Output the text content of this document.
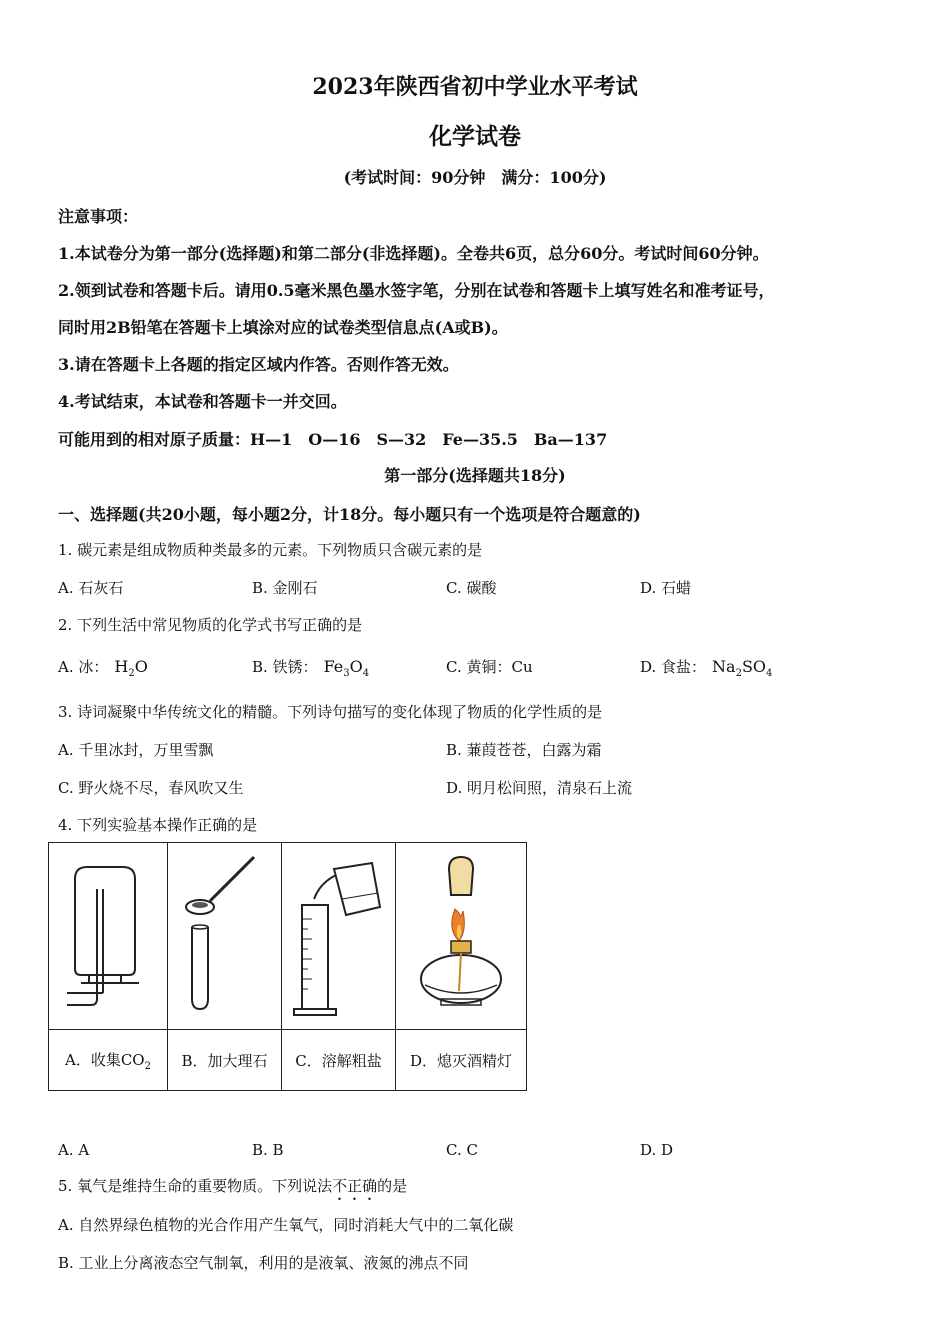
2023年陕西省初中学业水平考试
化学试卷
(考试时间：90分钟　满分：100分)
注意事项：
1.本试卷分为第一部分(选择题)和第二部分(非选择题)。全卷共6页，总分60分。考试时间60分钟。
2.领到试卷和答题卡后。请用0.5毫米黑色墨水签字笔，分别在试卷和答题卡上填写姓名和准考证号，
同时用2B铅笔在答题卡上填涂对应的试卷类型信息点(A或B)。
3.请在答题卡上各题的指定区域内作答。否则作答无效。
4.考试结束，本试卷和答题卡一并交回。
可能用到的相对原子质量：H—1　O—16　S—32　Fe—35.5　Ba—137
第一部分(选择题共18分)
一、选择题(共20小题，每小题2分，计18分。每小题只有一个选项是符合题意的)
1. 碳元素是组成物质种类最多的元素。下列物质只含碳元素的是
A. 石灰石	B. 金刚石	C. 碳酸	D. 石蜡
2. 下列生活中常见物质的化学式书写正确的是
A. 冰： $H_2O$	B. 铁锈： $Fe_3O_4$	C. 黄铜：Cu	D. 食盐： $Na_2SO_4$
3. 诗词凝聚中华传统文化的精髓。下列诗句描写的变化体现了物质的化学性质的是
A. 千里冰封，万里雪飘	B. 蒹葭苍苍，白露为霜
C. 野火烧不尽，春风吹又生	D. 明月松间照，清泉石上流
4. 下列实验基本操作正确的是

A．收集$CO_2$	B．加大理石	C．溶解粗盐	D．熄灭酒精灯
A. A	B. B	C. C	D. D
5. 氧气是维持生命的重要物质。下列说法不正确的是
A. 自然界绿色植物的光合作用产生氧气，同时消耗大气中的二氧化碳
B. 工业上分离液态空气制氧，利用的是液氧、液氮的沸点不同
